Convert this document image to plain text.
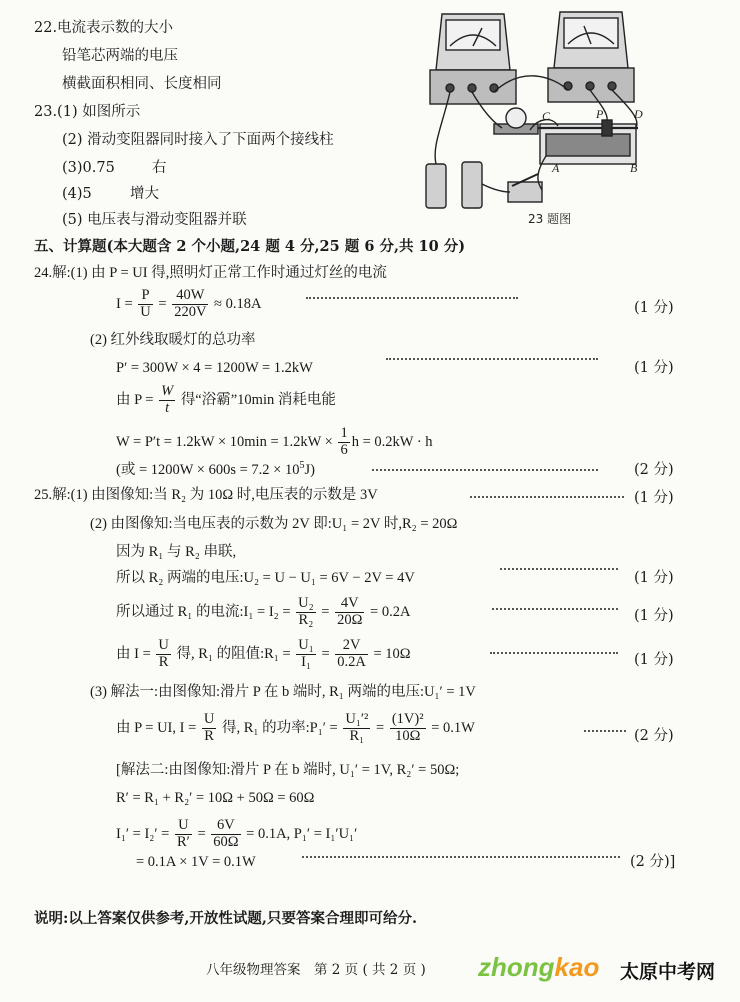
22.电流表示数的大小
铅笔芯两端的电压
横截面积相同、长度相同
23.(1) 如图所示
(2) 滑动变阻器同时接入了下面两个接线柱
(3)0.75	右
(4)5	增大
(5) 电压表与滑动变阻器并联
C	P	D
A	B
23 题图
五、计算题(本大题含 2 个小题,24 题 4 分,25 题 6 分,共 10 分)
24.解:(1) 由 P = UI 得,照明灯正常工作时通过灯丝的电流
$I = \frac{P}{U} = \frac{40W}{220V} \approx 0.18A$	(1 分)
(2) 红外线取暖灯的总功率
P′ = 300W × 4 = 1200W = 1.2kW	(1 分)
由 $P = \frac{W}{t}$ 得“浴霸”10min 消耗电能
$W = P't = 1.2kW \times 10\min = 1.2kW \times \frac{1}{6}$ h = 0.2kW · h
(或 = $1200W \times 600s = 7.2 \times 10^5J$)	(2 分)
25.解:(1) 由图像知:当 R₂ 为 10Ω 时,电压表的示数是 3V	(1 分)
(2) 由图像知:当电压表的示数为 2V 即:U₁ = 2V 时,R₂ = 20Ω
因为 R₁ 与 R₂ 串联,
所以 R₂ 两端的电压:U₂ = U − U₁ = 6V − 2V = 4V	(1 分)
所以通过 R₁ 的电流:I₁ = $I_2 = \frac{\text{U₂}}{\text{R₂}} = \frac{4V}{20\Omega} = 0.2A$	(1 分)
由 $I = \frac{U}{R}$ 得, R₁ 的阻值:R₁ = $\frac{\text{U₁}}{\text{I₁}} = \frac{2V}{0.2A} = 10\Omega$	(1 分)
(3) 解法一:由图像知:滑片 P 在 b 端时, R₁ 两端的电压:U₁′ = 1V
由 P = UI, $I = \frac{U}{R}$ 得, R₁ 的功率:P₁′ = $\frac{\text{U₁′²}}{\text{R₁}} = \frac{\text{(1V)²}}{10\Omega} = 0.1W$
(2 分)
[解法二:由图像知:滑片 P 在 b 端时, U₁′ = 1V, R₂′ = 50Ω;
R′ = R₁ + R₂′ = 10Ω + 50Ω = 60Ω
$I_1' = I_2' = \frac{U}{R'} = \frac{6V}{60\Omega} = 0.1A$, P₁′ = I₁′U₁′
= 0.1A × 1V = 0.1W	(2 分)]
说明:以上答案仅供参考,开放性试题,只要答案合理即可给分.
八年级物理答案　第 2 页 ( 共 2 页 ) zhongkao 太原中考网
